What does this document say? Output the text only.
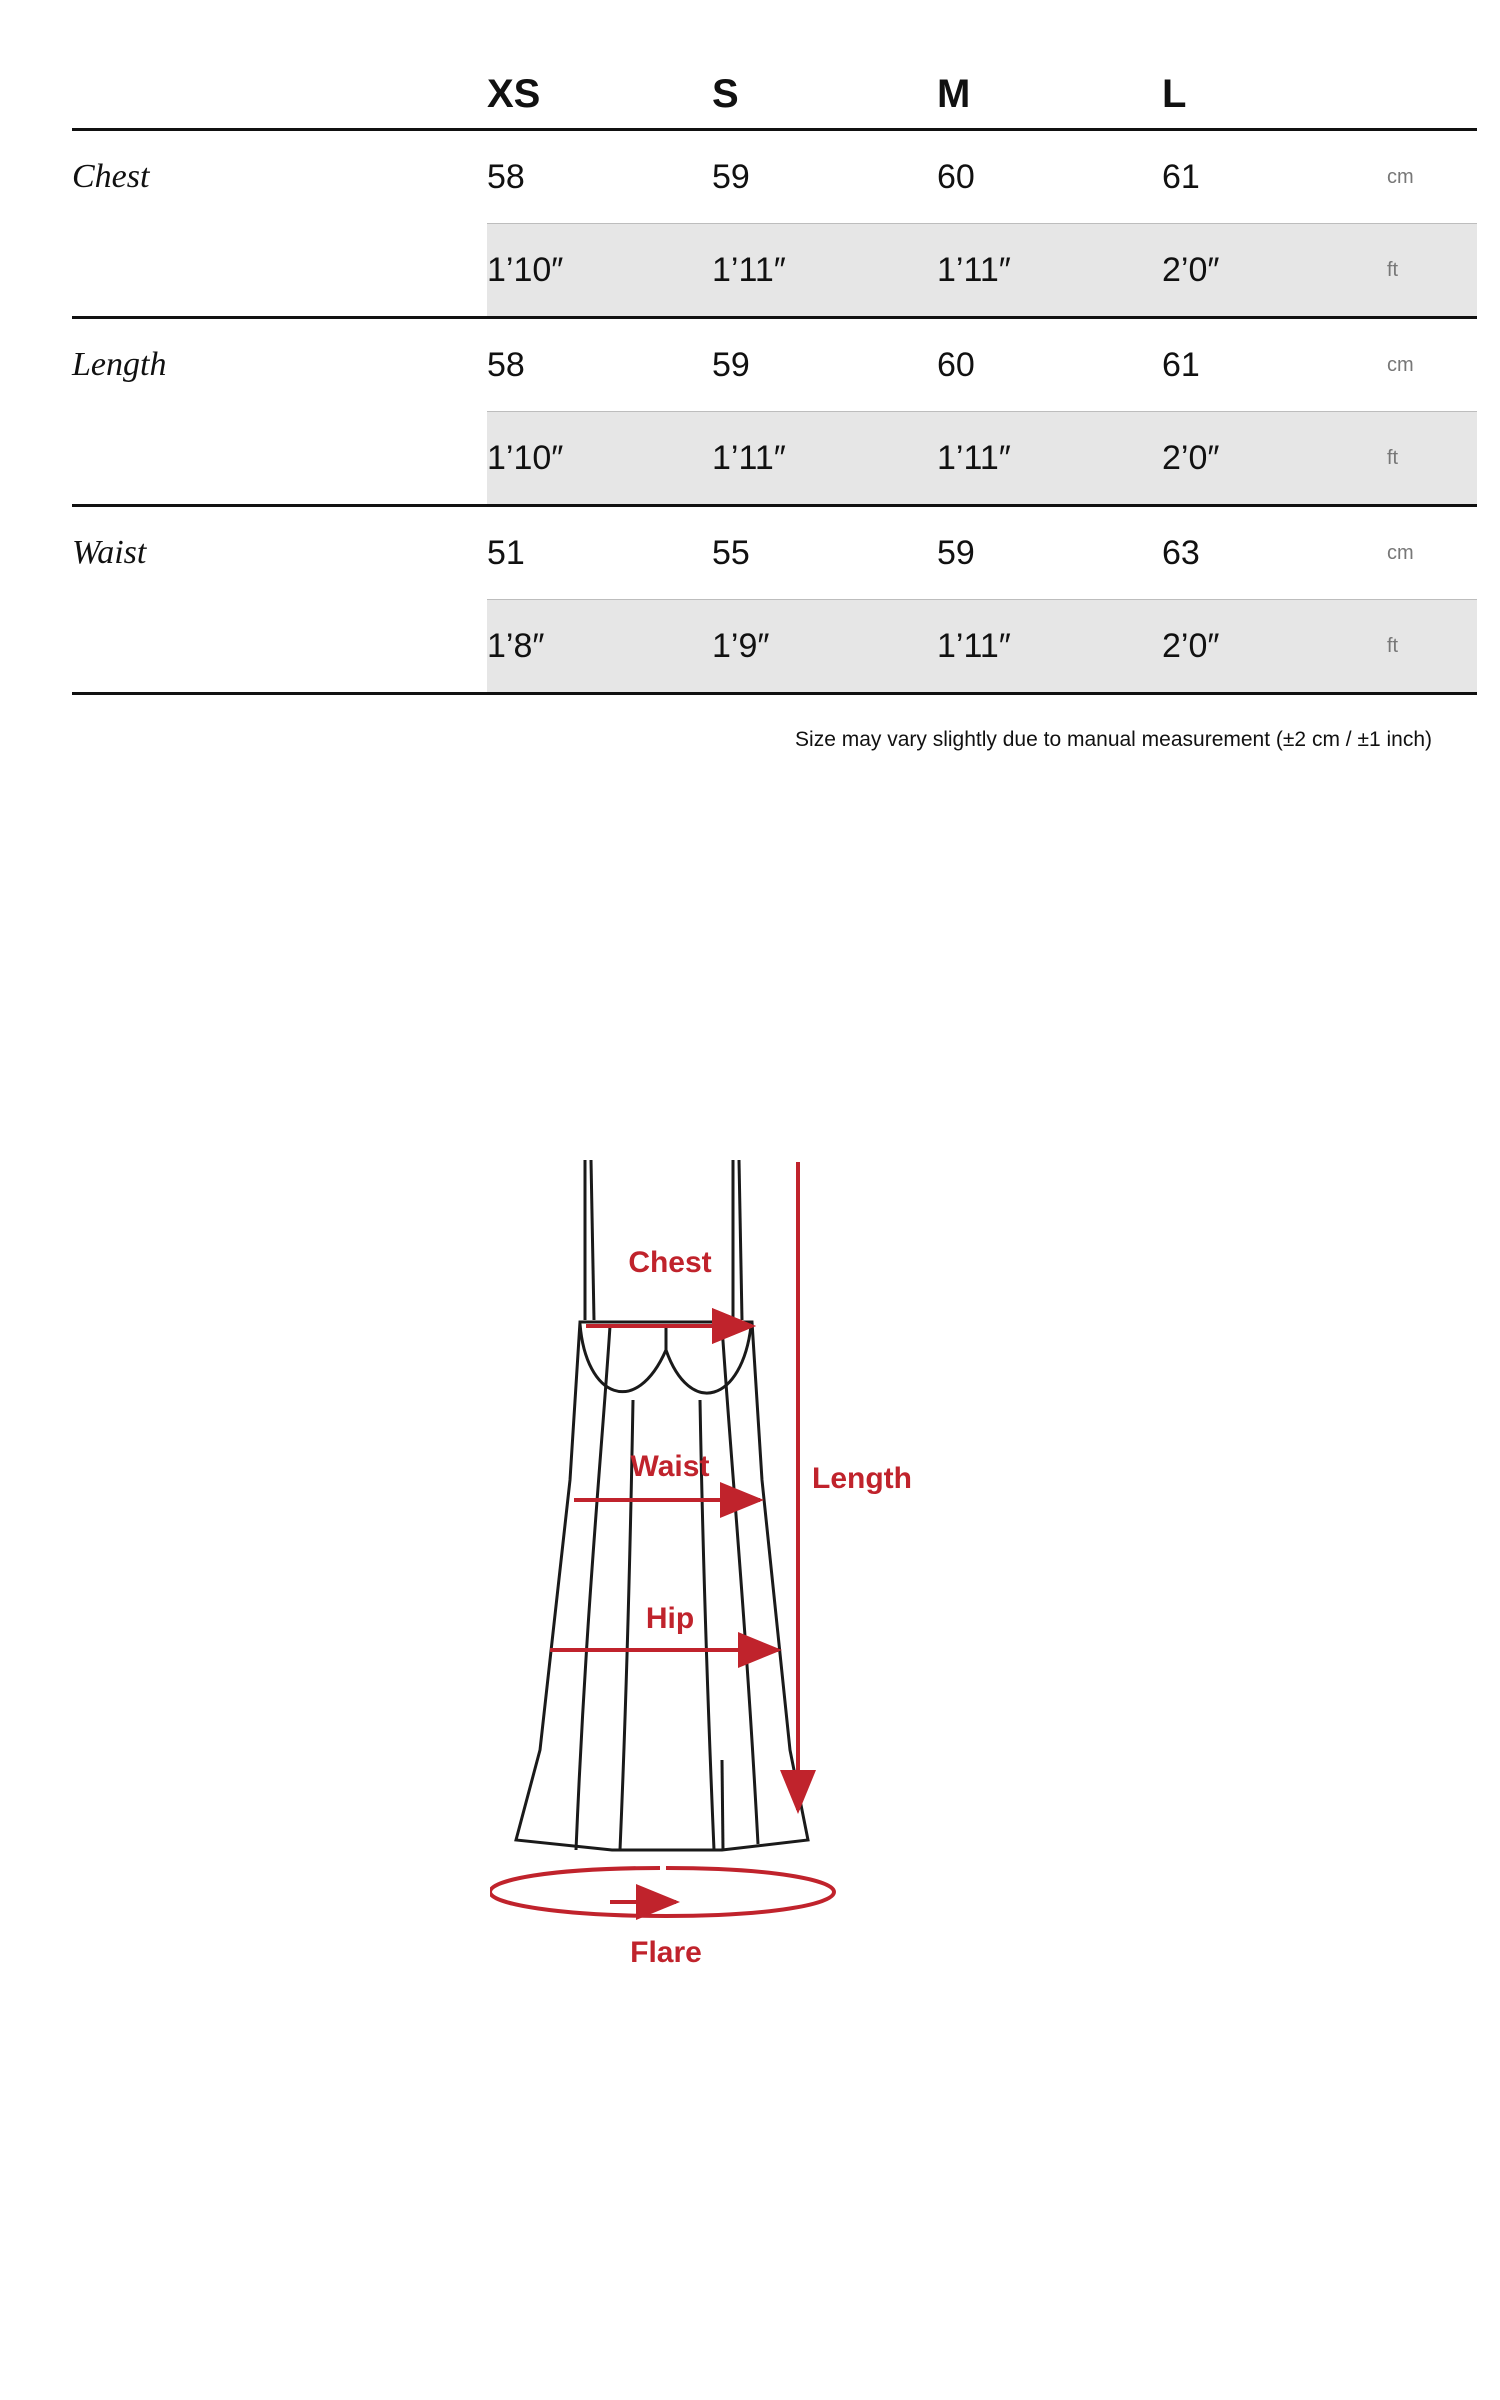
	XS	S	M	L	
Chest	58	59	60	61	cm
	1’10″	1’11″	1’11″	2’0″	ft
Length	58	59	60	61	cm
	1’10″	1’11″	1’11″	2’0″	ft
Waist	51	55	59	63	cm
	1’8″	1’9″	1’11″	2’0″	ft
Size may vary slightly due to manual measurement (±2 cm / ±1 inch)
Chest
Waist
Hip
Length
Flare
